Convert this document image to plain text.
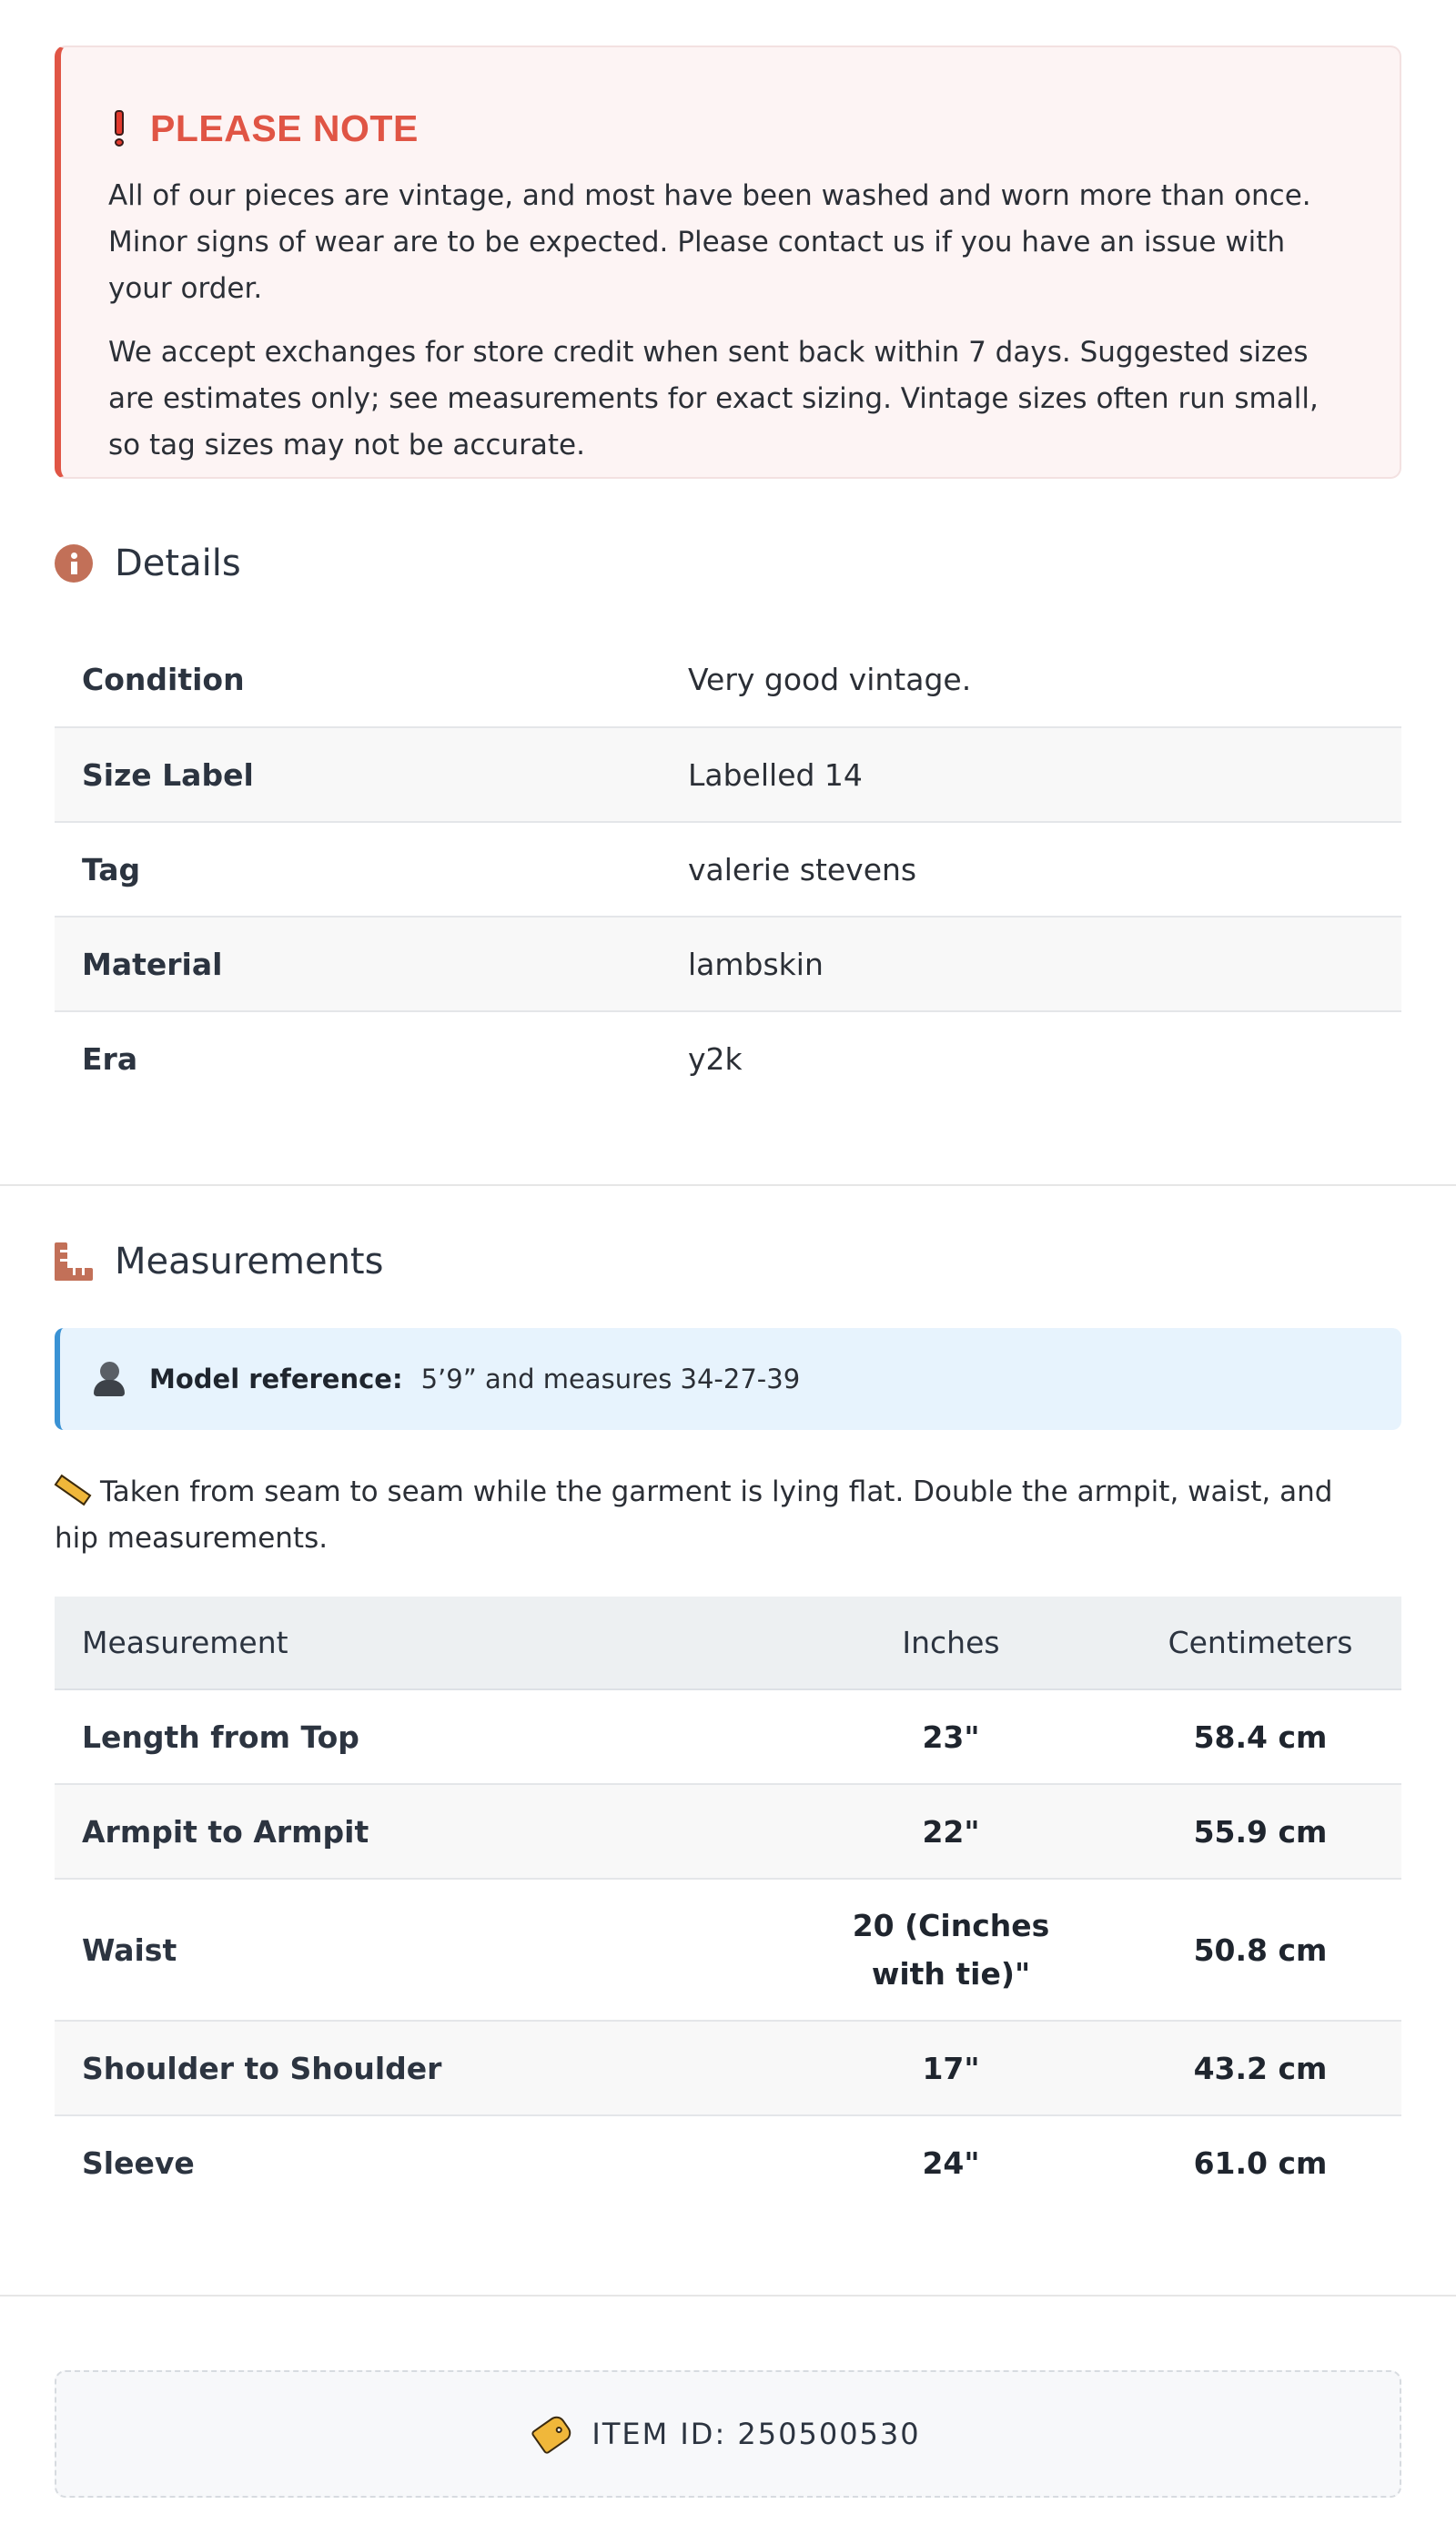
PLEASE NOTE

All of our pieces are vintage, and most have been washed and worn more than once. Minor signs of wear are to be expected. Please contact us if you have an issue with your order.

We accept exchanges for store credit when sent back within 7 days. Suggested sizes are estimates only; see measurements for exact sizing. Vintage sizes often run small, so tag sizes may not be accurate.

Details
Condition	Very good vintage.
Size Label	Labelled 14
Tag	valerie stevens
Material	lambskin
Era	y2k
Measurements
Model reference: 5’9” and measures 34-27-39
Taken from seam to seam while the garment is lying flat. Double the armpit, waist, and hip measurements.
Measurement	Inches	Centimeters
Length from Top	23"	58.4 cm
Armpit to Armpit	22"	55.9 cm
Waist	20 (Cinches with tie)"	50.8 cm
Shoulder to Shoulder	17"	43.2 cm
Sleeve	24"	61.0 cm
ITEM ID: 250500530
